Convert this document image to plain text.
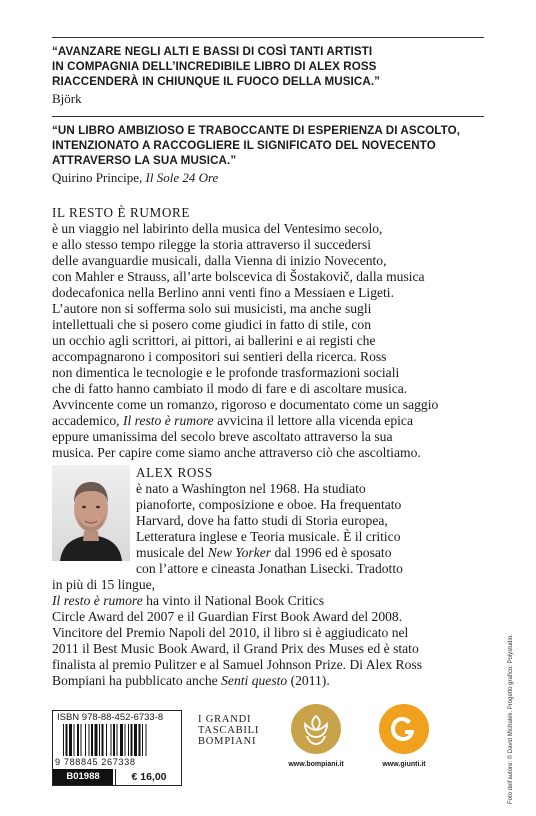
“AVANZARE NEGLI ALTI E BASSI DI COSÌ TANTI ARTISTI
IN COMPAGNIA DELL’INCREDIBILE LIBRO DI ALEX ROSS
RIACCENDERÀ IN CHIUNQUE IL FUOCO DELLA MUSICA.”
Björk
“UN LIBRO AMBIZIOSO E TRABOCCANTE DI ESPERIENZA DI ASCOLTO,
INTENZIONATO A RACCOGLIERE IL SIGNIFICATO DEL NOVECENTO
ATTRAVERSO LA SUA MUSICA.”
Quirino Principe, Il Sole 24 Ore
IL RESTO È RUMORE
è un viaggio nel labirinto della musica del Ventesimo secolo,
e allo stesso tempo rilegge la storia attraverso il succedersi
delle avanguardie musicali, dalla Vienna di inizio Novecento,
con Mahler e Strauss, all’arte bolscevica di Šostakovič, dalla musica
dodecafonica nella Berlino anni venti fino a Messiaen e Ligeti.
L’autore non si sofferma solo sui musicisti, ma anche sugli
intellettuali che si posero come giudici in fatto di stile, con
un occhio agli scrittori, ai pittori, ai ballerini e ai registi che
accompagnarono i compositori sui sentieri della ricerca. Ross
non dimentica le tecnologie e le profonde trasformazioni sociali
che di fatto hanno cambiato il modo di fare e di ascoltare musica.
Avvincente come un romanzo, rigoroso e documentato come un saggio
accademico, Il resto è rumore avvicina il lettore alla vicenda epica
eppure umanissima del secolo breve ascoltato attraverso la sua
musica. Per capire come siamo anche attraverso ciò che ascoltiamo.
ALEX ROSS
è nato a Washington nel 1968. Ha studiato
pianoforte, composizione e oboe. Ha frequentato
Harvard, dove ha fatto studi di Storia europea,
Letteratura inglese e Teoria musicale. È il critico
musicale del New Yorker dal 1996 ed è sposato
con l’attore e cineasta Jonathan Lisecki. Tradotto
in più di 15 lingue,
Il resto è rumore ha vinto il National Book Critics
Circle Award del 2007 e il Guardian First Book Award del 2008.
Vincitore del Premio Napoli del 2010, il libro si è aggiudicato nel
2011 il Best Music Book Award, il Grand Prix des Muses ed è stato
finalista al premio Pulitzer e al Samuel Johnson Prize. Di Alex Ross
Bompiani ha pubblicato anche Senti questo (2011).
ISBN 978-88-452-6733-8
9 788845 267338
B01988	€ 16,00
I GRANDI
TASCABILI
BOMPIANI
www.bompiani.it	www.giunti.it	Foto dell’autore: © David Michalek. Progetto grafico: Polystudio.
